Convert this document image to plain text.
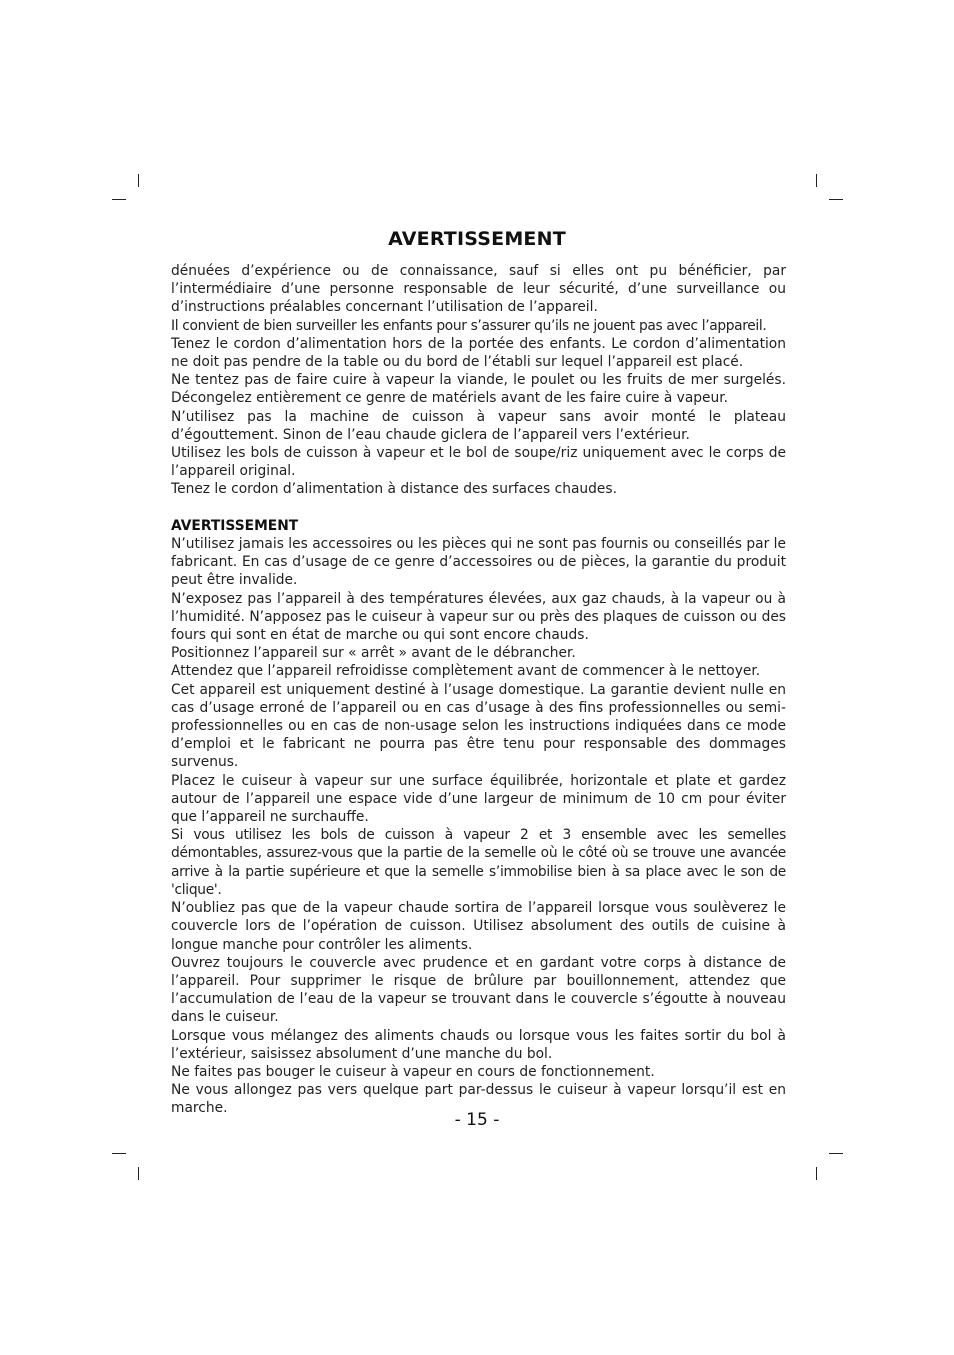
AVERTISSEMENT

dénuées d’expérience ou de connaissance, sauf si elles ont pu bénéficier, par l’intermédiaire d’une personne responsable de leur sécurité, d’une surveillance ou d’instructions préalables concernant l’utilisation de l’appareil.

Il convient de bien surveiller les enfants pour s’assurer qu’ils ne jouent pas avec l’appareil.

Tenez le cordon d’alimentation hors de la portée des enfants. Le cordon d’alimentation ne doit pas pendre de la table ou du bord de l’établi sur lequel l’appareil est placé.

Ne tentez pas de faire cuire à vapeur la viande, le poulet ou les fruits de mer surgelés. Décongelez entièrement ce genre de matériels avant de les faire cuire à vapeur.

N’utilisez pas la machine de cuisson à vapeur sans avoir monté le plateau d’égouttement. Sinon de l’eau chaude giclera de l’appareil vers l’extérieur.

Utilisez les bols de cuisson à vapeur et le bol de soupe/riz uniquement avec le corps de l’appareil original.

Tenez le cordon d’alimentation à distance des surfaces chaudes.

AVERTISSEMENT

N’utilisez jamais les accessoires ou les pièces qui ne sont pas fournis ou conseillés par le fabricant. En cas d’usage de ce genre d’accessoires ou de pièces, la garantie du produit peut être invalide.

N’exposez pas l’appareil à des températures élevées, aux gaz chauds, à la vapeur ou à l’humidité. N’apposez pas le cuiseur à vapeur sur ou près des plaques de cuisson ou des fours qui sont en état de marche ou qui sont encore chauds.

Positionnez l’appareil sur « arrêt » avant de le débrancher.

Attendez que l’appareil refroidisse complètement avant de commencer à le nettoyer.

Cet appareil est uniquement destiné à l’usage domestique. La garantie devient nulle en cas d’usage erroné de l’appareil ou en cas d’usage à des fins professionnelles ou semi-professionnelles ou en cas de non-usage selon les instructions indiquées dans ce mode d’emploi et le fabricant ne pourra pas être tenu pour responsable des dommages survenus.

Placez le cuiseur à vapeur sur une surface équilibrée, horizontale et plate et gardez autour de l’appareil une espace vide d’une largeur de minimum de 10 cm pour éviter que l’appareil ne surchauffe.

Si vous utilisez les bols de cuisson à vapeur 2 et 3 ensemble avec les semelles démontables, assurez-vous que la partie de la semelle où le côté où se trouve une avancée arrive à la partie supérieure et que la semelle s’immobilise bien à sa place avec le son de 'clique'.

N’oubliez pas que de la vapeur chaude sortira de l’appareil lorsque vous soulèverez le couvercle lors de l’opération de cuisson. Utilisez absolument des outils de cuisine à longue manche pour contrôler les aliments.

Ouvrez toujours le couvercle avec prudence et en gardant votre corps à distance de l’appareil. Pour supprimer le risque de brûlure par bouillonnement, attendez que l’accumulation de l’eau de la vapeur se trouvant dans le couvercle s’égoutte à nouveau dans le cuiseur.

Lorsque vous mélangez des aliments chauds ou lorsque vous les faites sortir du bol à l’extérieur, saisissez absolument d’une manche du bol.

Ne faites pas bouger le cuiseur à vapeur en cours de fonctionnement.

Ne vous allongez pas vers quelque part par-dessus le cuiseur à vapeur lorsqu’il est en marche.

- 15 -
